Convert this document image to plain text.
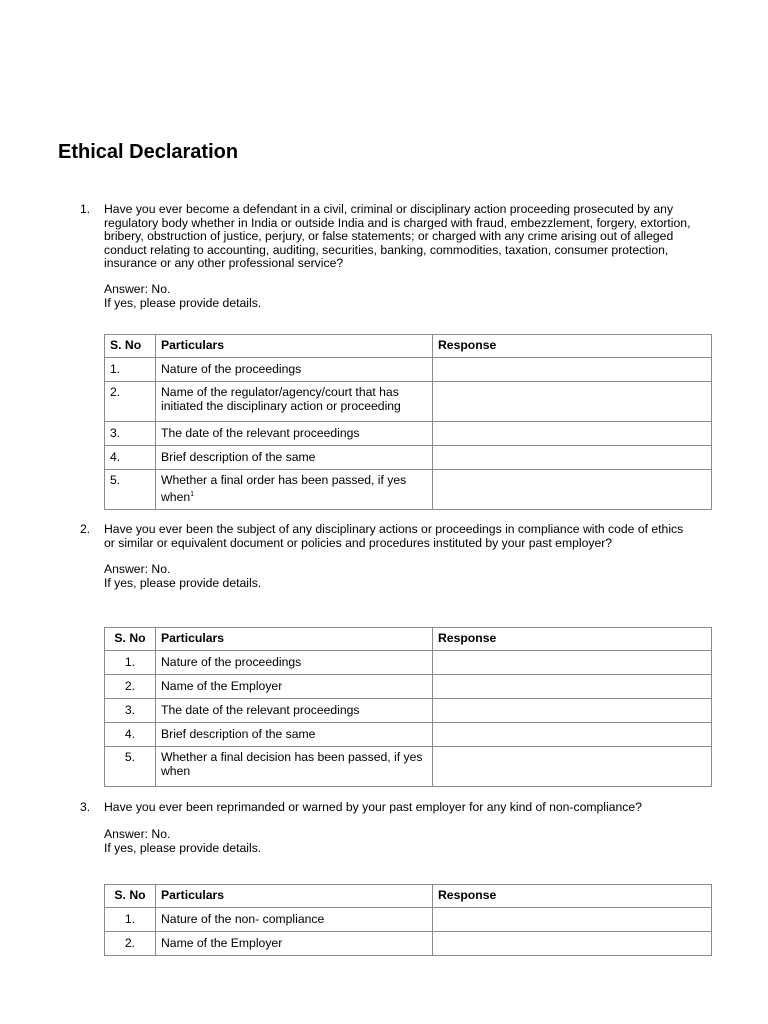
Ethical Declaration
1. Have you ever become a defendant in a civil, criminal or disciplinary action proceeding prosecuted by any regulatory body whether in India or outside India and is charged with fraud, embezzlement, forgery, extortion, bribery, obstruction of justice, perjury, or false statements; or charged with any crime arising out of alleged conduct relating to accounting, auditing, securities, banking, commodities, taxation, consumer protection, insurance or any other professional service?
Answer: No.
If yes, please provide details.
S. No	Particulars	Response
1.	Nature of the proceedings	
2.	Name of the regulator/agency/court that has initiated the disciplinary action or proceeding	
3.	The date of the relevant proceedings	
4.	Brief description of the same	
5.	Whether a final order has been passed, if yes when$^1$	
2. Have you ever been the subject of any disciplinary actions or proceedings in compliance with code of ethics or similar or equivalent document or policies and procedures instituted by your past employer?
Answer: No.
If yes, please provide details.
S. No	Particulars	Response
1.	Nature of the proceedings	
2.	Name of the Employer	
3.	The date of the relevant proceedings	
4.	Brief description of the same	
5.	Whether a final decision has been passed, if yes when	
3. Have you ever been reprimanded or warned by your past employer for any kind of non-compliance?
Answer: No.
If yes, please provide details.
S. No	Particulars	Response
1.	Nature of the non- compliance	
2.	Name of the Employer	
